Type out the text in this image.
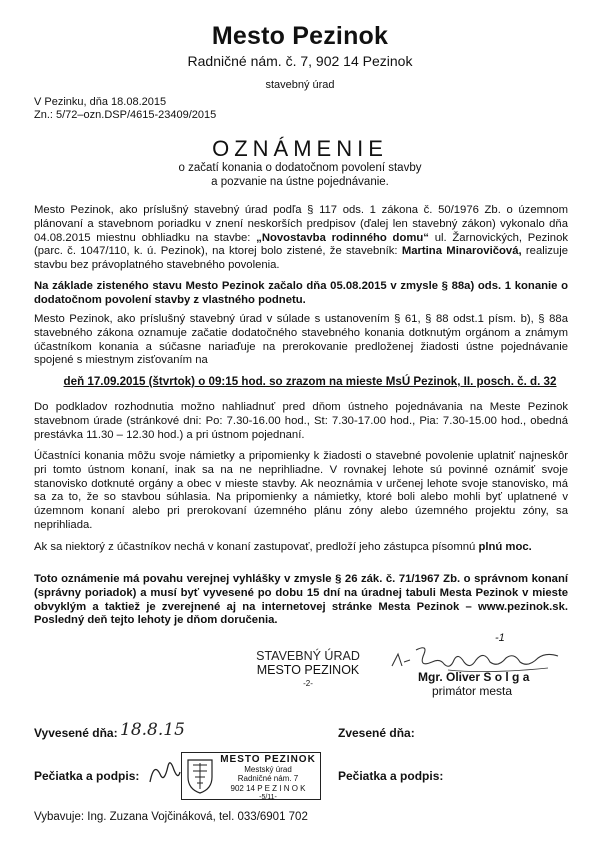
Mesto Pezinok
Radničné nám. č. 7, 902 14 Pezinok
stavebný úrad
V Pezinku, dňa 18.08.2015
Zn.: 5/72–ozn.DSP/4615-23409/2015
OZNÁMENIE
o začatí konania o dodatočnom povolení stavby
a pozvanie na ústne pojednávanie.
Mesto Pezinok, ako príslušný stavebný úrad podľa § 117 ods. 1 zákona č. 50/1976 Zb. o územnom plánovaní a stavebnom poriadku v znení neskorších predpisov (ďalej len stavebný zákon) vykonalo dňa 04.08.2015 miestnu obhliadku na stavbe: „Novostavba rodinného domu“ ul. Žarnovických, Pezinok (parc. č. 1047/110, k. ú. Pezinok), na ktorej bolo zistené, že stavebník: Martina Minarovičová, realizuje stavbu bez právoplatného stavebného povolenia.
Na základe zisteného stavu Mesto Pezinok začalo dňa 05.08.2015 v zmysle § 88a) ods. 1 konanie o dodatočnom povolení stavby z vlastného podnetu.
Mesto Pezinok, ako príslušný stavebný úrad v súlade s ustanovením § 61, § 88 odst.1 písm. b), § 88a stavebného zákona oznamuje začatie dodatočného stavebného konania dotknutým orgánom a známym účastníkom konania a súčasne nariaďuje na prerokovanie predloženej žiadosti ústne pojednávanie spojené s miestnym zisťovaním na
deň 17.09.2015 (štvrtok) o 09:15 hod. so zrazom na mieste MsÚ Pezinok, II. posch. č. d. 32
Do podkladov rozhodnutia možno nahliadnuť pred dňom ústneho pojednávania na Meste Pezinok stavebnom úrade (stránkové dni: Po: 7.30-16.00 hod., St: 7.30-17.00 hod., Pia: 7.30-15.00 hod., obedná prestávka 11.30 – 12.30 hod.) a pri ústnom pojednaní.
Účastníci konania môžu svoje námietky a pripomienky k žiadosti o stavebné povolenie uplatniť najneskôr pri tomto ústnom konaní, inak sa na ne neprihliadne. V rovnakej lehote sú povinné oznámiť svoje stanovisko dotknuté orgány a obec v mieste stavby. Ak neoznámia v určenej lehote svoje stanovisko, má sa za to, že so stavbou súhlasia. Na pripomienky a námietky, ktoré boli alebo mohli byť uplatnené v územnom konaní alebo pri prerokovaní územného plánu zóny alebo územného projektu zóny, sa neprihliada.
Ak sa niektorý z účastníkov nechá v konaní zastupovať, predloží jeho zástupca písomnú plnú moc.
Toto oznámenie má povahu verejnej vyhlášky v zmysle § 26 zák. č. 71/1967 Zb. o správnom konaní (správny poriadok) a musí byť vyvesené po dobu 15 dní na úradnej tabuli Mesta Pezinok v mieste obvyklým a taktiež je zverejnené aj na internetovej stránke Mesta Pezinok – www.pezinok.sk. Posledný deň tejto lehoty je dňom doručenia.
STAVEBNÝ ÚRAD
MESTO PEZINOK
-2-
-1
Mgr. Oliver S o l g a
primátor mesta
Vyvesené dňa: 18.8.15	Zvesené dňa:
Pečiatka a podpis:	Pečiatka a podpis:
MESTO PEZINOK
Mestský úrad
Radničné nám. 7
902 14 P E Z I N O K
-5/11-
Vybavuje: Ing. Zuzana Vojčináková, tel. 033/6901 702
